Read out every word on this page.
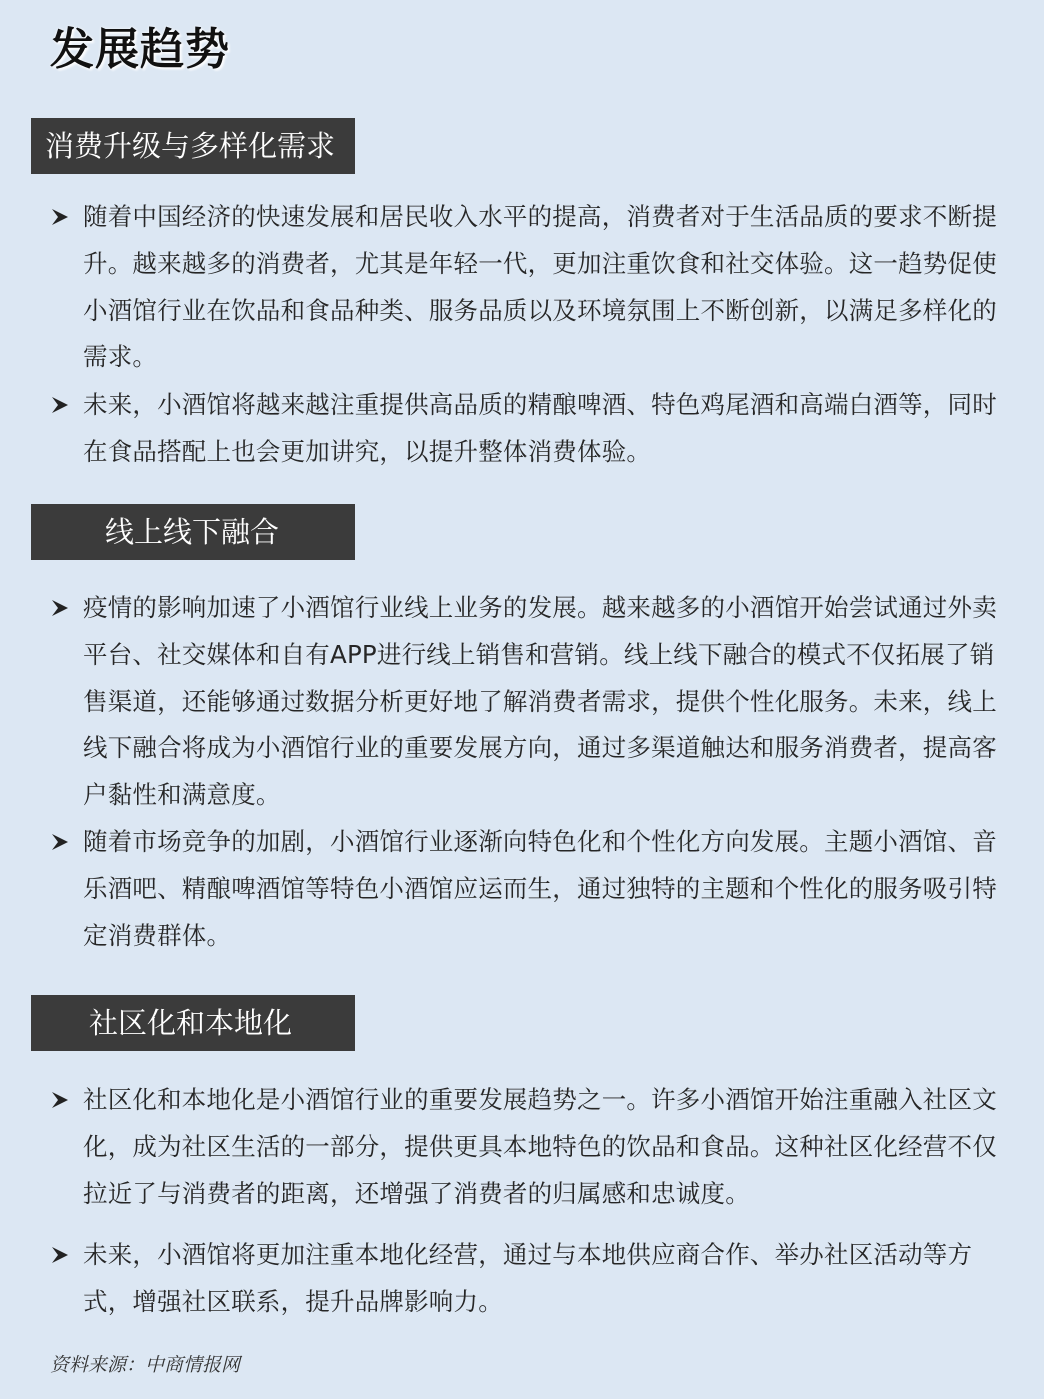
发展趋势
消费升级与多样化需求

随着中国经济的快速发展和居民收入水平的提高，消费者对于生活品质的要求不断提升。越来越多的消费者，尤其是年轻一代，更加注重饮食和社交体验。这一趋势促使小酒馆行业在饮品和食品种类、服务品质以及环境氛围上不断创新，以满足多样化的需求。

未来，小酒馆将越来越注重提供高品质的精酿啤酒、特色鸡尾酒和高端白酒等，同时在食品搭配上也会更加讲究，以提升整体消费体验。

线上线下融合

疫情的影响加速了小酒馆行业线上业务的发展。越来越多的小酒馆开始尝试通过外卖平台、社交媒体和自有APP进行线上销售和营销。线上线下融合的模式不仅拓展了销售渠道，还能够通过数据分析更好地了解消费者需求，提供个性化服务。未来，线上线下融合将成为小酒馆行业的重要发展方向，通过多渠道触达和服务消费者，提高客户黏性和满意度。

随着市场竞争的加剧，小酒馆行业逐渐向特色化和个性化方向发展。主题小酒馆、音乐酒吧、精酿啤酒馆等特色小酒馆应运而生，通过独特的主题和个性化的服务吸引特定消费群体。

社区化和本地化

社区化和本地化是小酒馆行业的重要发展趋势之一。许多小酒馆开始注重融入社区文化，成为社区生活的一部分，提供更具本地特色的饮品和食品。这种社区化经营不仅拉近了与消费者的距离，还增强了消费者的归属感和忠诚度。

未来，小酒馆将更加注重本地化经营，通过与本地供应商合作、举办社区活动等方式，增强社区联系，提升品牌影响力。

资料来源：中商情报网
